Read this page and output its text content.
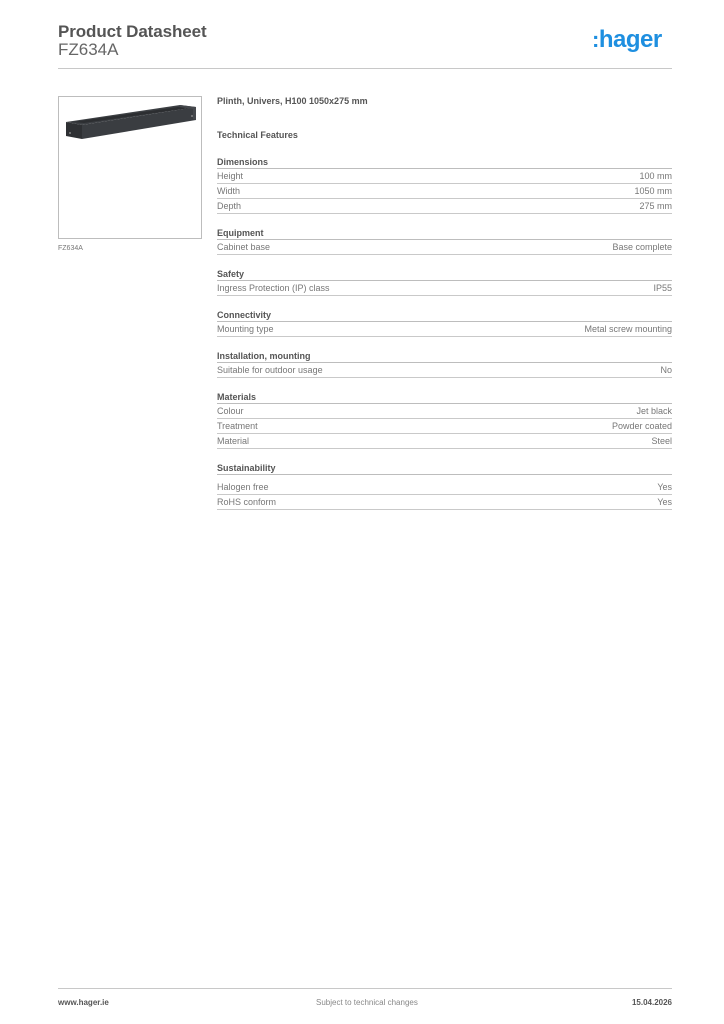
Product Datasheet
FZ634A	:hager
FZ634A
Plinth, Univers, H100 1050x275 mm
Technical Features
Dimensions
Height	100 mm
Width	1050 mm
Depth	275 mm
Equipment
Cabinet base	Base complete
Safety
Ingress Protection (IP) class	IP55
Connectivity
Mounting type	Metal screw mounting
Installation, mounting
Suitable for outdoor usage	No
Materials
Colour	Jet black
Treatment	Powder coated
Material	Steel
Sustainability
Halogen free	Yes
RoHS conform	Yes
www.hager.ie	Subject to technical changes	15.04.2026
